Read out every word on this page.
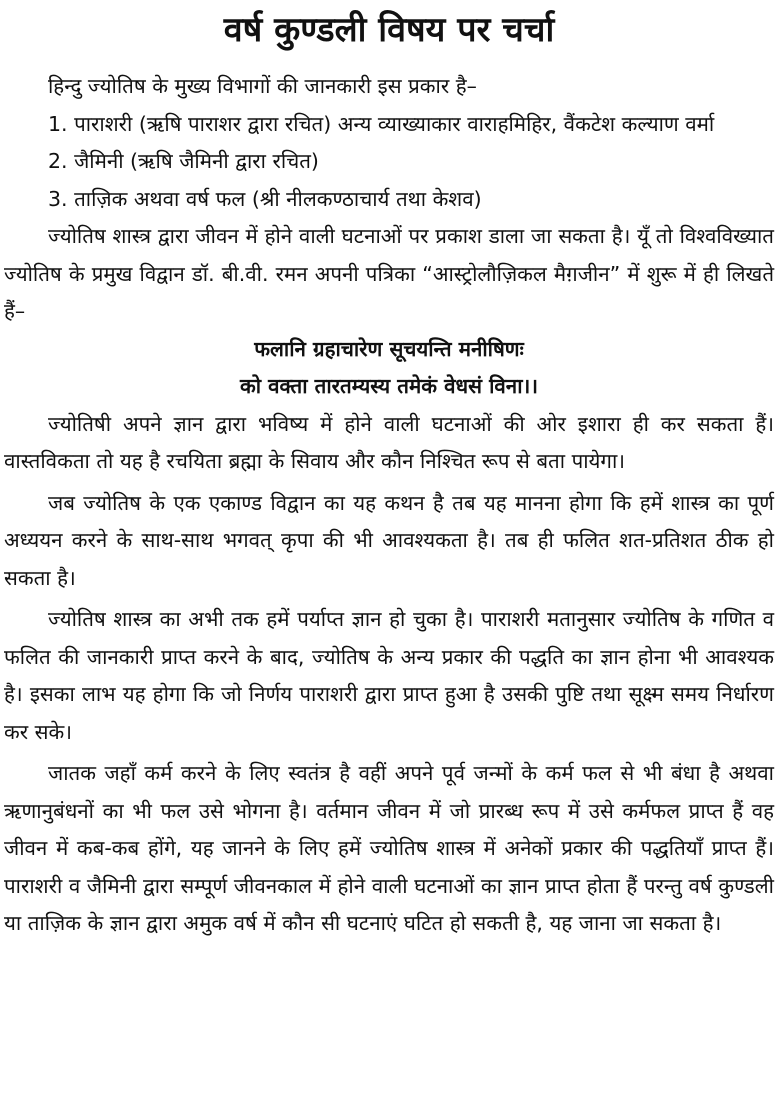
वर्ष कुण्डली विषय पर चर्चा

हिन्दु ज्योतिष के मुख्य विभागों की जानकारी इस प्रकार है–

1. पाराशरी (ऋषि पाराशर द्वारा रचित) अन्य व्याख्याकार वाराहमिहिर, वैंकटेश कल्याण वर्मा

2. जैमिनी (ऋषि जैमिनी द्वारा रचित)

3. ताज़िक अथवा वर्ष फल (श्री नीलकण्ठाचार्य तथा केशव)

ज्योतिष शास्त्र द्वारा जीवन में होने वाली घटनाओं पर प्रकाश डाला जा सकता है। यूँ तो विश्वविख्यात ज्योतिष के प्रमुख विद्वान डॉ. बी.वी. रमन अपनी पत्रिका “आस्ट्रोलौज़िकल मैग़जीन” में शुरू में ही लिखते हैं–

फलानि ग्रहाचारेण सूचयन्ति मनीषिणः

को वक्ता तारतम्यस्य तमेकं वेधसं विना।।

ज्योतिषी अपने ज्ञान द्वारा भविष्य में होने वाली घटनाओं की ओर इशारा ही कर सकता हैं। वास्तविकता तो यह है रचयिता ब्रह्मा के सिवाय और कौन निश्चित रूप से बता पायेगा।

जब ज्योतिष के एक एकाण्ड विद्वान का यह कथन है तब यह मानना होगा कि हमें शास्त्र का पूर्ण अध्ययन करने के साथ-साथ भगवत् कृपा की भी आवश्यकता है। तब ही फलित शत-प्रतिशत ठीक हो सकता है।

ज्योतिष शास्त्र का अभी तक हमें पर्याप्त ज्ञान हो चुका है। पाराशरी मतानुसार ज्योतिष के गणित व फलित की जानकारी प्राप्त करने के बाद, ज्योतिष के अन्य प्रकार की पद्धति का ज्ञान होना भी आवश्यक है। इसका लाभ यह होगा कि जो निर्णय पाराशरी द्वारा प्राप्त हुआ है उसकी पुष्टि तथा सूक्ष्म समय निर्धारण कर सके।

जातक जहाँ कर्म करने के लिए स्वतंत्र है वहीं अपने पूर्व जन्मों के कर्म फल से भी बंधा है अथवा ऋणानुबंधनों का भी फल उसे भोगना है। वर्तमान जीवन में जो प्रारब्ध रूप में उसे कर्मफल प्राप्त हैं वह जीवन में कब-कब होंगे, यह जानने के लिए हमें ज्योतिष शास्त्र में अनेकों प्रकार की पद्धतियाँ प्राप्त हैं। पाराशरी व जैमिनी द्वारा सम्पूर्ण जीवनकाल में होने वाली घटनाओं का ज्ञान प्राप्त होता हैं परन्तु वर्ष कुण्डली या ताज़िक के ज्ञान द्वारा अमुक वर्ष में कौन सी घटनाएं घटित हो सकती है, यह जाना जा सकता है।
